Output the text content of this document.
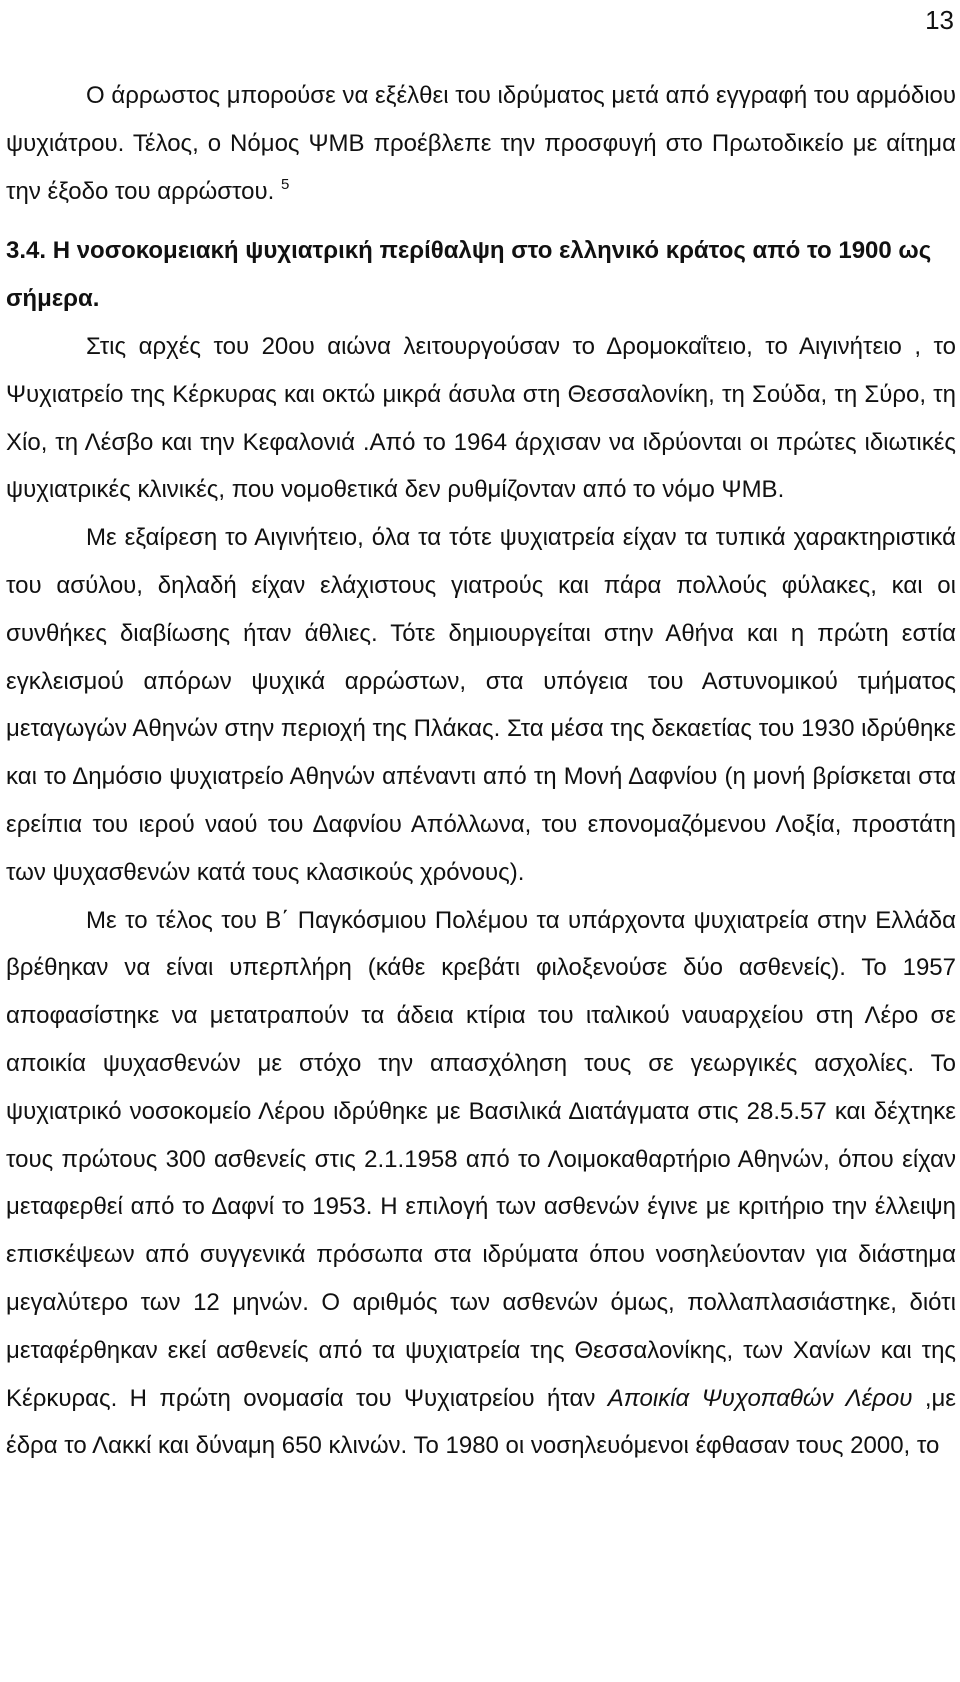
13

Ο άρρωστος μπορούσε να εξέλθει του ιδρύματος μετά από εγγραφή του αρμόδιου ψυχιάτρου. Τέλος, ο Νόμος ΨΜΒ προέβλεπε την προσφυγή στο Πρωτοδικείο με αίτημα την έξοδο του αρρώστου. $^5$

3.4. Η νοσοκομειακή ψυχιατρική περίθαλψη στο ελληνικό κράτος από το 1900 ως σήμερα.

Στις αρχές του 20ου αιώνα λειτουργούσαν το Δρομοκαΐτειο, το Αιγινήτειο , το Ψυχιατρείο της Κέρκυρας και οκτώ μικρά άσυλα στη Θεσσαλονίκη, τη Σούδα, τη Σύρο, τη Χίο, τη Λέσβο και την Κεφαλονιά .Από το 1964 άρχισαν να ιδρύονται οι πρώτες ιδιωτικές ψυχιατρικές κλινικές, που νομοθετικά δεν ρυθμίζονταν από το νόμο ΨΜΒ.

Με εξαίρεση το Αιγινήτειο, όλα τα τότε ψυχιατρεία είχαν τα τυπικά χαρακτηριστικά του ασύλου, δηλαδή είχαν ελάχιστους γιατρούς και πάρα πολλούς φύλακες, και οι συνθήκες διαβίωσης ήταν άθλιες. Τότε δημιουργείται στην Αθήνα και η πρώτη εστία εγκλεισμού απόρων ψυχικά αρρώστων, στα υπόγεια του Αστυνομικού τμήματος μεταγωγών Αθηνών στην περιοχή της Πλάκας. Στα μέσα της δεκαετίας του 1930 ιδρύθηκε και το Δημόσιο ψυχιατρείο Αθηνών απέναντι από τη Μονή Δαφνίου (η μονή βρίσκεται στα ερείπια του ιερού ναού του Δαφνίου Απόλλωνα, του επονομαζόμενου Λοξία, προστάτη των ψυχασθενών κατά τους κλασικούς χρόνους).

Με το τέλος του Β΄ Παγκόσμιου Πολέμου τα υπάρχοντα ψυχιατρεία στην Ελλάδα βρέθηκαν να είναι υπερπλήρη (κάθε κρεβάτι φιλοξενούσε δύο ασθενείς). Το 1957 αποφασίστηκε να μετατραπούν τα άδεια κτίρια του ιταλικού ναυαρχείου στη Λέρο σε αποικία ψυχασθενών με στόχο την απασχόληση τους σε γεωργικές ασχολίες. Το ψυχιατρικό νοσοκομείο Λέρου ιδρύθηκε με Βασιλικά Διατάγματα στις 28.5.57 και δέχτηκε τους πρώτους 300 ασθενείς στις 2.1.1958 από το Λοιμοκαθαρτήριο Αθηνών, όπου είχαν μεταφερθεί από το Δαφνί το 1953. Η επιλογή των ασθενών έγινε με κριτήριο την έλλειψη επισκέψεων από συγγενικά πρόσωπα στα ιδρύματα όπου νοσηλεύονταν για διάστημα μεγαλύτερο των 12 μηνών. Ο αριθμός των ασθενών όμως, πολλαπλασιάστηκε, διότι μεταφέρθηκαν εκεί ασθενείς από τα ψυχιατρεία της Θεσσαλονίκης, των Χανίων και της Κέρκυρας. Η πρώτη ονομασία του Ψυχιατρείου ήταν Αποικία Ψυχοπαθών Λέρου ,με έδρα το Λακκί και δύναμη 650 κλινών. Το 1980 οι νοσηλευόμενοι έφθασαν τους 2000, το
